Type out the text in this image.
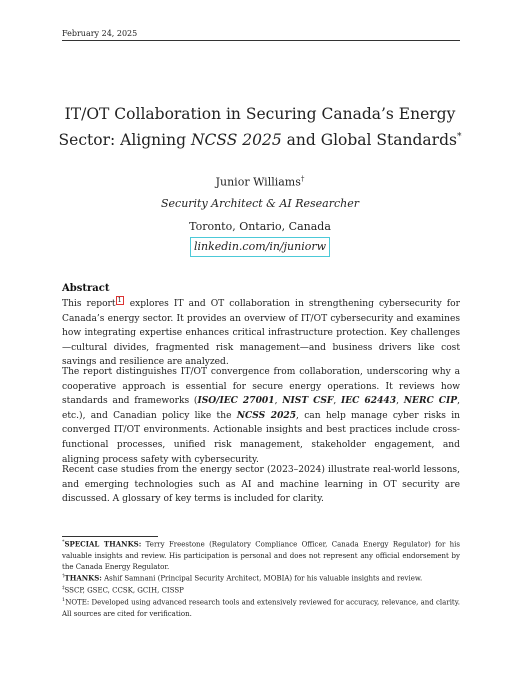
February 24, 2025
IT/OT Collaboration in Securing Canada’s Energy
Sector: Aligning NCSS 2025 and Global Standards*
Junior Williams†
Security Architect & AI Researcher
Toronto, Ontario, Canada
linkedin.com/in/juniorw
Abstract
This report 1 explores IT and OT collaboration in strengthening cybersecurity for Canada’s energy sector. It provides an overview of IT/OT cybersecurity and examines how integrating expertise enhances critical infrastructure protection. Key challenges—cultural divides, fragmented risk management—and business drivers like cost savings and resilience are analyzed.
The report distinguishes IT/OT convergence from collaboration, underscoring why a cooperative approach is essential for secure energy operations. It reviews how standards and frameworks (ISO/IEC 27001, NIST CSF, IEC 62443, NERC CIP, etc.), and Canadian policy like the NCSS 2025, can help manage cyber risks in converged IT/OT environments. Actionable insights and best practices include cross-functional processes, unified risk management, stakeholder engagement, and aligning process safety with cybersecurity.
Recent case studies from the energy sector (2023–2024) illustrate real-world lessons, and emerging technologies such as AI and machine learning in OT security are discussed. A glossary of key terms is included for clarity.
*SPECIAL THANKS: Terry Freestone (Regulatory Compliance Officer, Canada Energy Regulator) for his valuable insights and review. His participation is personal and does not represent any official endorsement by the Canada Energy Regulator.
†THANKS: Ashif Samnani (Principal Security Architect, MOBIA) for his valuable insights and review.
‡SSCP, GSEC, CCSK, GCIH, CISSP
$^1$NOTE: Developed using advanced research tools and extensively reviewed for accuracy, relevance, and clarity. All sources are cited for verification.
